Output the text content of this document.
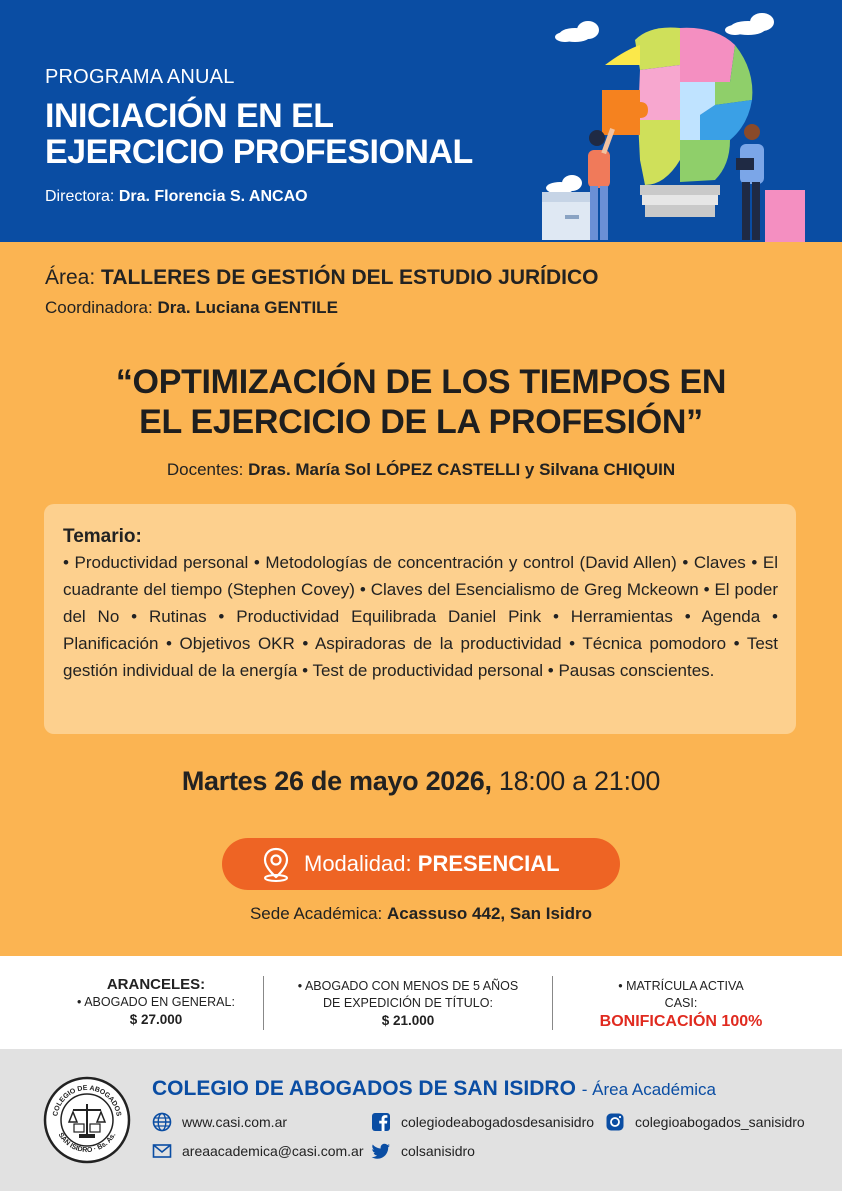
PROGRAMA ANUAL
INICIACIÓN EN EL
EJERCICIO PROFESIONAL
Directora: Dra. Florencia S. ANCAO
Área: TALLERES DE GESTIÓN DEL ESTUDIO JURÍDICO
Coordinadora: Dra. Luciana GENTILE
“OPTIMIZACIÓN DE LOS TIEMPOS EN
EL EJERCICIO DE LA PROFESIÓN”
Docentes: Dras. María Sol LÓPEZ CASTELLI y Silvana CHIQUIN
Temario:

• Productividad personal • Metodologías de concentración y control (David Allen) • Claves • El cuadrante del tiempo (Stephen Covey) • Claves del Esencialismo de Greg Mckeown • El poder del No • Rutinas • Productividad Equilibrada Daniel Pink • Herramientas • Agenda • Planificación • Objetivos OKR • Aspiradoras de la productividad • Técnica pomodoro • Test gestión individual de la energía • Test de productividad personal • Pausas conscientes.

Martes 26 de mayo 2026, 18:00 a 21:00
Modalidad: PRESENCIAL
Sede Académica: Acassuso 442, San Isidro
ARANCELES:
• ABOGADO EN GENERAL:
$ 27.000
• ABOGADO CON MENOS DE 5 AÑOS
DE EXPEDICIÓN DE TÍTULO:
$ 21.000
• MATRÍCULA ACTIVA
CASI:
BONIFICACIÓN 100%
COLEGIO DE ABOGADOS
SAN ISIDRO · Bs. As.
COLEGIO DE ABOGADOS DE SAN ISIDRO - Área Académica
www.casi.com.ar
areaacademica@casi.com.ar
colegiodeabogadosdesanisidro
colsanisidro
colegioabogados_sanisidro
